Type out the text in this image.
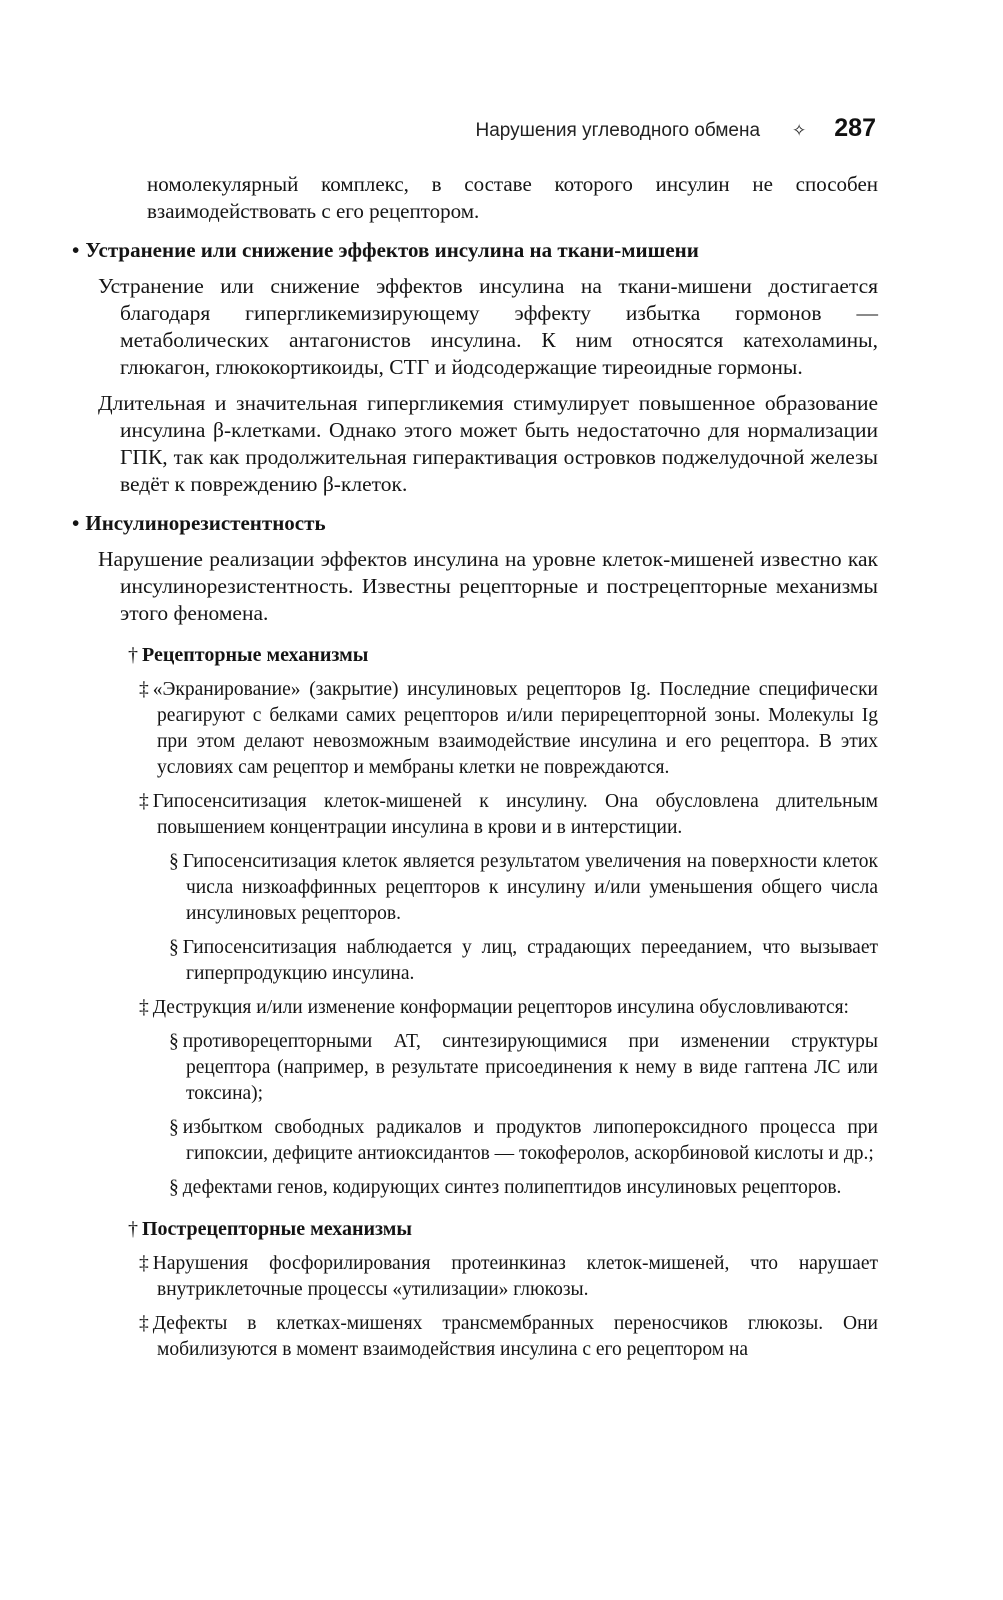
Нарушения углеводного обмена ✧ 287

номолекулярный комплекс, в составе которого инсулин не способен взаимодействовать с его рецептором.

• Устранение или снижение эффектов инсулина на ткани-мишени

Устранение или снижение эффектов инсулина на ткани-мишени достигается благодаря гипергликемизирующему эффекту избытка гормонов — метаболических антагонистов инсулина. К ним относятся катехоламины, глюкагон, глюкокортикоиды, СТГ и йодсодержащие тиреоидные гормоны.

Длительная и значительная гипергликемия стимулирует повышенное образование инсулина β-клетками. Однако этого может быть недостаточно для нормализации ГПК, так как продолжительная гиперактивация островков поджелудочной железы ведёт к повреждению β-клеток.

• Инсулинорезистентность

Нарушение реализации эффектов инсулина на уровне клеток-мишеней известно как инсулинорезистентность. Известны рецепторные и пострецепторные механизмы этого феномена.

† Рецепторные механизмы

‡ «Экранирование» (закрытие) инсулиновых рецепторов Ig. Последние специфически реагируют с белками самих рецепторов и/или перирецепторной зоны. Молекулы Ig при этом делают невозможным взаимодействие инсулина и его рецептора. В этих условиях сам рецептор и мембраны клетки не повреждаются.

‡ Гипосенситизация клеток-мишеней к инсулину. Она обусловлена длительным повышением концентрации инсулина в крови и в интерстиции.

§ Гипосенситизация клеток является результатом увеличения на поверхности клеток числа низкоаффинных рецепторов к инсулину и/или уменьшения общего числа инсулиновых рецепторов.

§ Гипосенситизация наблюдается у лиц, страдающих перееданием, что вызывает гиперпродукцию инсулина.

‡ Деструкция и/или изменение конформации рецепторов инсулина обусловливаются:

§ противорецепторными АТ, синтезирующимися при изменении структуры рецептора (например, в результате присоединения к нему в виде гаптена ЛС или токсина);

§ избытком свободных радикалов и продуктов липопероксидного процесса при гипоксии, дефиците антиоксидантов — токоферолов, аскорбиновой кислоты и др.;

§ дефектами генов, кодирующих синтез полипептидов инсулиновых рецепторов.

† Пострецепторные механизмы

‡ Нарушения фосфорилирования протеинкиназ клеток-мишеней, что нарушает внутриклеточные процессы «утилизации» глюкозы.

‡ Дефекты в клетках-мишенях трансмембранных переносчиков глюкозы. Они мобилизуются в момент взаимодействия инсулина с его рецептором на
